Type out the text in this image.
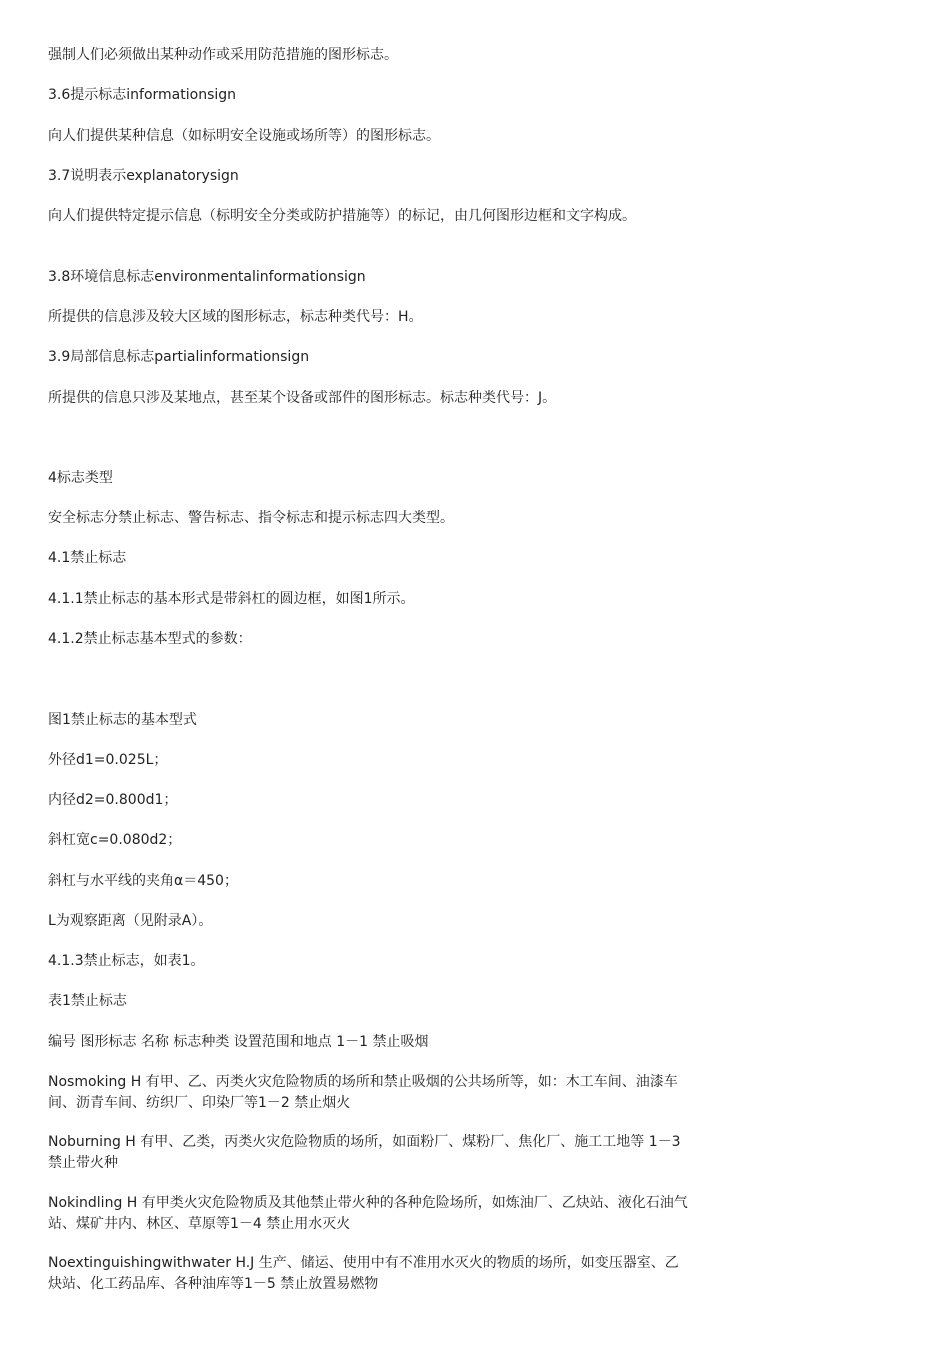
强制人们必须做出某种动作或采用防范措施的图形标志。

3.6提示标志informationsign

向人们提供某种信息（如标明安全设施或场所等）的图形标志。

3.7说明表示explanatorysign

向人们提供特定提示信息（标明安全分类或防护措施等）的标记，由几何图形边框和文字构成。

3.8环境信息标志environmentalinformationsign

所提供的信息涉及较大区域的图形标志，标志种类代号：H。

3.9局部信息标志partialinformationsign

所提供的信息只涉及某地点，甚至某个设备或部件的图形标志。标志种类代号：J。

4标志类型

安全标志分禁止标志、警告标志、指令标志和提示标志四大类型。

4.1禁止标志

4.1.1禁止标志的基本形式是带斜杠的圆边框，如图1所示。

4.1.2禁止标志基本型式的参数：

图1禁止标志的基本型式

外径d1=0.025L；

内径d2=0.800d1；

斜杠宽c=0.080d2；

斜杠与水平线的夹角α＝450；

L为观察距离（见附录A）。

4.1.3禁止标志，如表1。

表1禁止标志

编号 图形标志 名称 标志种类 设置范围和地点 1－1 禁止吸烟

Nosmoking H 有甲、乙、丙类火灾危险物质的场所和禁止吸烟的公共场所等，如：木工车间、油漆车间、沥青车间、纺织厂、印染厂等1－2 禁止烟火

Noburning H 有甲、乙类，丙类火灾危险物质的场所，如面粉厂、煤粉厂、焦化厂、施工工地等 1－3 禁止带火种

Nokindling H 有甲类火灾危险物质及其他禁止带火种的各种危险场所，如炼油厂、乙炔站、液化石油气站、煤矿井内、林区、草原等1－4 禁止用水灭火

Noextinguishingwithwater H.J 生产、储运、使用中有不准用水灭火的物质的场所，如变压器室、乙炔站、化工药品库、各种油库等1－5 禁止放置易燃物
